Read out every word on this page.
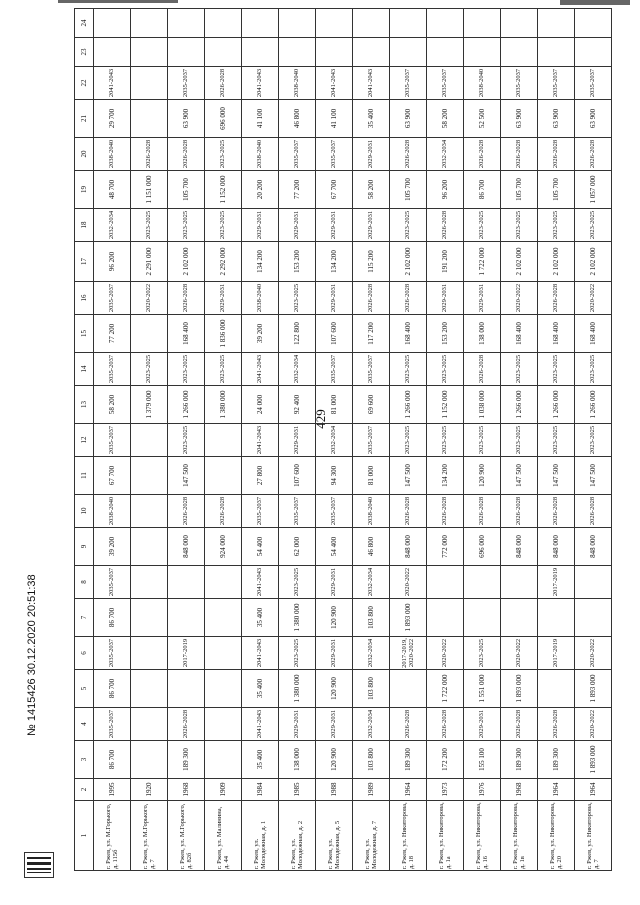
429
1	2	3	4	5	6	7	8	9	10	11	12	13	14	15	16	17	18	19	20	21	22	23	24
г. Ржев, ул. М.Горького, д. 115б	1995	86 700	2035-2037	86 700	2035-2037	86 700	2035-2037	39 200	2038-2040	67 700	2035-2037	58 200	2035-2037	77 200	2035-2037	96 200	2032-2034	48 700	2038-2040	29 700	2041-2043		
г. Ржев, ул. М.Горького, д. 7	1920											1 379 000	2023-2025		2020-2022	2 291 000	2023-2025	1 151 000	2026-2028				
г. Ржев, ул. М.Горького, д. 82б	1968	189 300	2026-2028		2017-2019			848 000	2026-2028	147 500	2023-2025	1 266 000	2023-2025	168 400	2026-2028	2 102 000	2023-2025	105 700	2026-2028	63 900	2035-2037		
г. Ржев, ул. Малинина, д. 44	1909							924 000	2026-2028			1 380 000	2023-2025	1 836 000	2029-2031	2 292 000	2023-2025	1 152 000	2023-2025	696 000	2026-2028		
г. Ржев, ул. Молодежная, д. 1	1984	35 400	2041-2043	35 400	2041-2043	35 400	2041-2043	54 400	2035-2037	27 800	2041-2043	24 000	2041-2043	39 200	2038-2040	134 200	2029-2031	20 200	2038-2040	41 100	2041-2043		
г. Ржев, ул. Молодежная, д. 2	1985	138 000	2029-2031	1 380 000	2023-2025	1 380 000	2023-2025	62 000	2035-2037	107 600	2029-2031	92 400	2032-2034	122 800	2023-2025	153 200	2029-2031	77 200	2035-2037	46 800	2038-2040		
г. Ржев, ул. Молодежная, д. 5	1988	120 900	2029-2031	120 900	2029-2031	120 900	2029-2031	54 400	2035-2037	94 300	2032-2034	81 000	2035-2037	107 600	2029-2031	134 200	2029-2031	67 700	2035-2037	41 100	2041-2043		
г. Ржев, ул. Молодежная, д. 7	1989	103 800	2032-2034	103 800	2032-2034	103 800	2032-2034	46 800	2038-2040	81 000	2035-2037	69 600	2035-2037	117 200	2026-2028	115 200	2029-2031	58 200	2029-2031	35 400	2041-2043		
г. Ржев, ул. Никиторова, д. 18	1964	189 300	2026-2028		2017-2019, 2020-2022	1 893 000	2020-2022	848 000	2026-2028	147 500	2023-2025	1 266 000	2023-2025	168 400	2026-2028	2 102 000	2023-2025	105 700	2026-2028	63 900	2035-2037		
г. Ржев, ул. Никиторова, д. 1а	1973	172 200	2026-2028	1 722 000	2020-2022			772 000	2026-2028	134 200	2023-2025	1 152 000	2023-2025	153 200	2029-2031	191 200	2026-2028	96 200	2032-2034	58 200	2035-2037		
г. Ржев, ул. Никиторова, д. 16	1976	155 100	2029-2031	1 551 000	2023-2025			696 000	2026-2028	120 900	2023-2025	1 038 000	2026-2028	138 000	2029-2031	1 722 000	2023-2025	86 700	2026-2028	52 500	2038-2040		
г. Ржев, ул. Никиторова, д. 1в	1968	189 300	2026-2028	1 893 000	2020-2022			848 000	2026-2028	147 500	2023-2025	1 266 000	2023-2025	168 400	2020-2022	2 102 000	2023-2025	105 700	2026-2028	63 900	2035-2037		
г. Ржев, ул. Никиторова, д. 20	1964	189 300	2026-2028		2017-2019		2017-2019	848 000	2026-2028	147 500	2023-2025	1 266 000	2023-2025	168 400	2026-2028	2 102 000	2023-2025	105 700	2026-2028	63 900	2035-2037		
г. Ржев, ул. Никиторова, д. 7	1964	1 893 000	2020-2022	1 893 000	2020-2022			848 000	2026-2028	147 500	2023-2025	1 266 000	2023-2025	168 400	2020-2022	2 102 000	2023-2025	1 057 000	2026-2028	63 900	2035-2037		
№ 1415426 30.12.2020 20:51:38
